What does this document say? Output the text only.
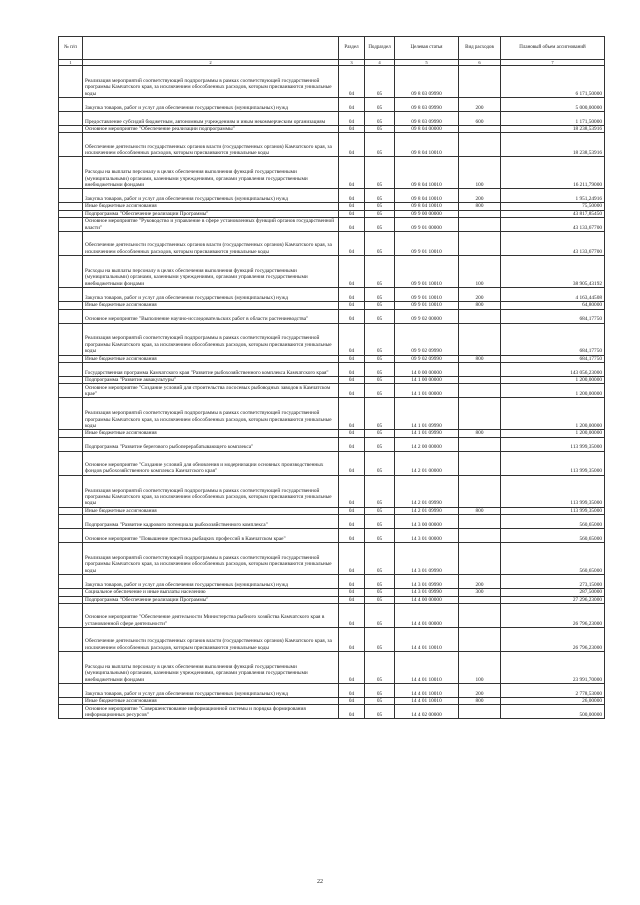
№ п/п		Раздел	Подраздел	Целевая статья	Вид расходов	Плановый объем ассигнований
1	2	3	4	5	6	7
	Реализация мероприятий соответствующей подпрограммы в рамках соответствующей государственной программы Камчатского края, за исключением обособленных расходов, которым присваиваются уникальные коды	04	05	09 8 03 09990		6 171,50000
	Закупка товаров, работ и услуг для обеспечения государственных (муниципальных) нужд	04	05	09 8 03 09990	200	5 000,00000
	Предоставление субсидий бюджетным, автономным учреждениям и иным некоммерческим организациям	04	05	09 8 03 09990	600	1 171,50000
	Основное мероприятие "Обеспечение реализации подпрограммы"	04	05	09 8 04 00000		18 238,53916
	Обеспечение деятельности государственных органов власти (государственных органов) Камчатского края, за исключением обособленных расходов, которым присваиваются уникальные коды	04	05	09 8 04 10010		18 238,53916
	Расходы на выплаты персоналу в целях обеспечения выполнения функций государственными (муниципальными) органами, казенными учреждениями, органами управления государственными внебюджетными фондами	04	05	09 8 04 10010	100	16 211,79000
	Закупка товаров, работ и услуг для обеспечения государственных (муниципальных) нужд	04	05	09 8 04 10010	200	1 951,24916
	Иные бюджетные ассигнования	04	05	09 8 04 10010	800	75,50000
	Подпрограмма "Обеспечение реализации Программы"	04	05	09 9 00 00000		43 817,85450
	Основное мероприятие "Руководство и управление в сфере установленных функций органов государственной власти"	04	05	09 9 01 00000		43 133,67700
	Обеспечение деятельности государственных органов власти (государственных органов) Камчатского края, за исключением обособленных расходов, которым присваиваются уникальные коды	04	05	09 9 01 10010		43 133,67700
	Расходы на выплаты персоналу в целях обеспечения выполнения функций государственными (муниципальными) органами, казенными учреждениями, органами управления государственными внебюджетными фондами	04	05	09 9 01 10010	100	38 905,43192
	Закупка товаров, работ и услуг для обеспечения государственных (муниципальных) нужд	04	05	09 9 01 10010	200	4 163,44508
	Иные бюджетные ассигнования	04	05	09 9 01 10010	800	64,80000
	Основное мероприятие "Выполнение научно-исследовательских работ в области растениеводства"	04	05	09 9 02 00000		684,17750
	Реализация мероприятий соответствующей подпрограммы в рамках соответствующей государственной программы Камчатского края, за исключением обособленных расходов, которым присваиваются уникальные коды	04	05	09 9 02 09990		684,17750
	Иные бюджетные ассигнования	04	05	09 9 02 09990	800	684,17750
	Государственная программа Камчатского края "Развитие рыбохозяйственного комплекса Камчатского края"	04	05	14 0 00 00000		143 056,23000
	Подпрограмма "Развитие аквакультуры"	04	05	14 1 00 00000		1 200,00000
	Основное мероприятие "Создание условий для строительства лососевых рыбоводных заводов в Камчатском крае"	04	05	14 1 01 00000		1 200,00000
	Реализация мероприятий соответствующей подпрограммы в рамках соответствующей государственной программы Камчатского края, за исключением обособленных расходов, которым присваиваются уникальные коды	04	05	14 1 01 09990		1 200,00000
	Иные бюджетные ассигнования	04	05	14 1 01 09990	800	1 200,00000
	Подпрограмма "Развитие берегового рыбоперерабатывающего комплекса"	04	05	14 2 00 00000		113 999,35000
	Основное мероприятие "Создание условий для обновления и модернизации основных производственных фондов рыбохозяйственного комплекса Камчатского края"	04	05	14 2 01 00000		113 999,35000
	Реализация мероприятий соответствующей подпрограммы в рамках соответствующей государственной программы Камчатского края, за исключением обособленных расходов, которым присваиваются уникальные коды	04	05	14 2 01 09990		113 999,35000
	Иные бюджетные ассигнования	04	05	14 2 01 09990	800	113 999,35000
	Подпрограмма "Развитие кадрового потенциала рыбохозяйственного комплекса"	04	05	14 3 00 00000		560,65000
	Основное мероприятие "Повышение престижа рыбацких профессий в Камчатском крае"	04	05	14 3 01 00000		560,65000
	Реализация мероприятий соответствующей подпрограммы в рамках соответствующей государственной программы Камчатского края, за исключением обособленных расходов, которым присваиваются уникальные коды	04	05	14 3 01 09990		560,65000
	Закупка товаров, работ и услуг для обеспечения государственных (муниципальных) нужд	04	05	14 3 01 09990	200	273,15000
	Социальное обеспечение и иные выплаты населению	04	05	14 3 01 09990	300	287,50000
	Подпрограмма "Обеспечение реализации Программы"	04	05	14 4 00 00000		27 296,23000
	Основное мероприятие "Обеспечение деятельности Министерства рыбного хозяйства Камчатского края в установленной сфере деятельности"	04	05	14 4 01 00000		26 796,23000
	Обеспечение деятельности государственных органов власти (государственных органов) Камчатского края, за исключением обособленных расходов, которым присваиваются уникальные коды	04	05	14 4 01 10010		26 796,23000
	Расходы на выплаты персоналу в целях обеспечения выполнения функций государственными (муниципальными) органами, казенными учреждениями, органами управления государственными внебюджетными фондами	04	05	14 4 01 10010	100	23 991,70000
	Закупка товаров, работ и услуг для обеспечения государственных (муниципальных) нужд	04	05	14 4 01 10010	200	2 778,53000
	Иные бюджетные ассигнования	04	05	14 4 01 10010	800	26,00000
	Основное мероприятие "Совершенствование информационной системы и порядка формирования информационных ресурсов"	04	05	14 4 02 00000		500,00000
22
